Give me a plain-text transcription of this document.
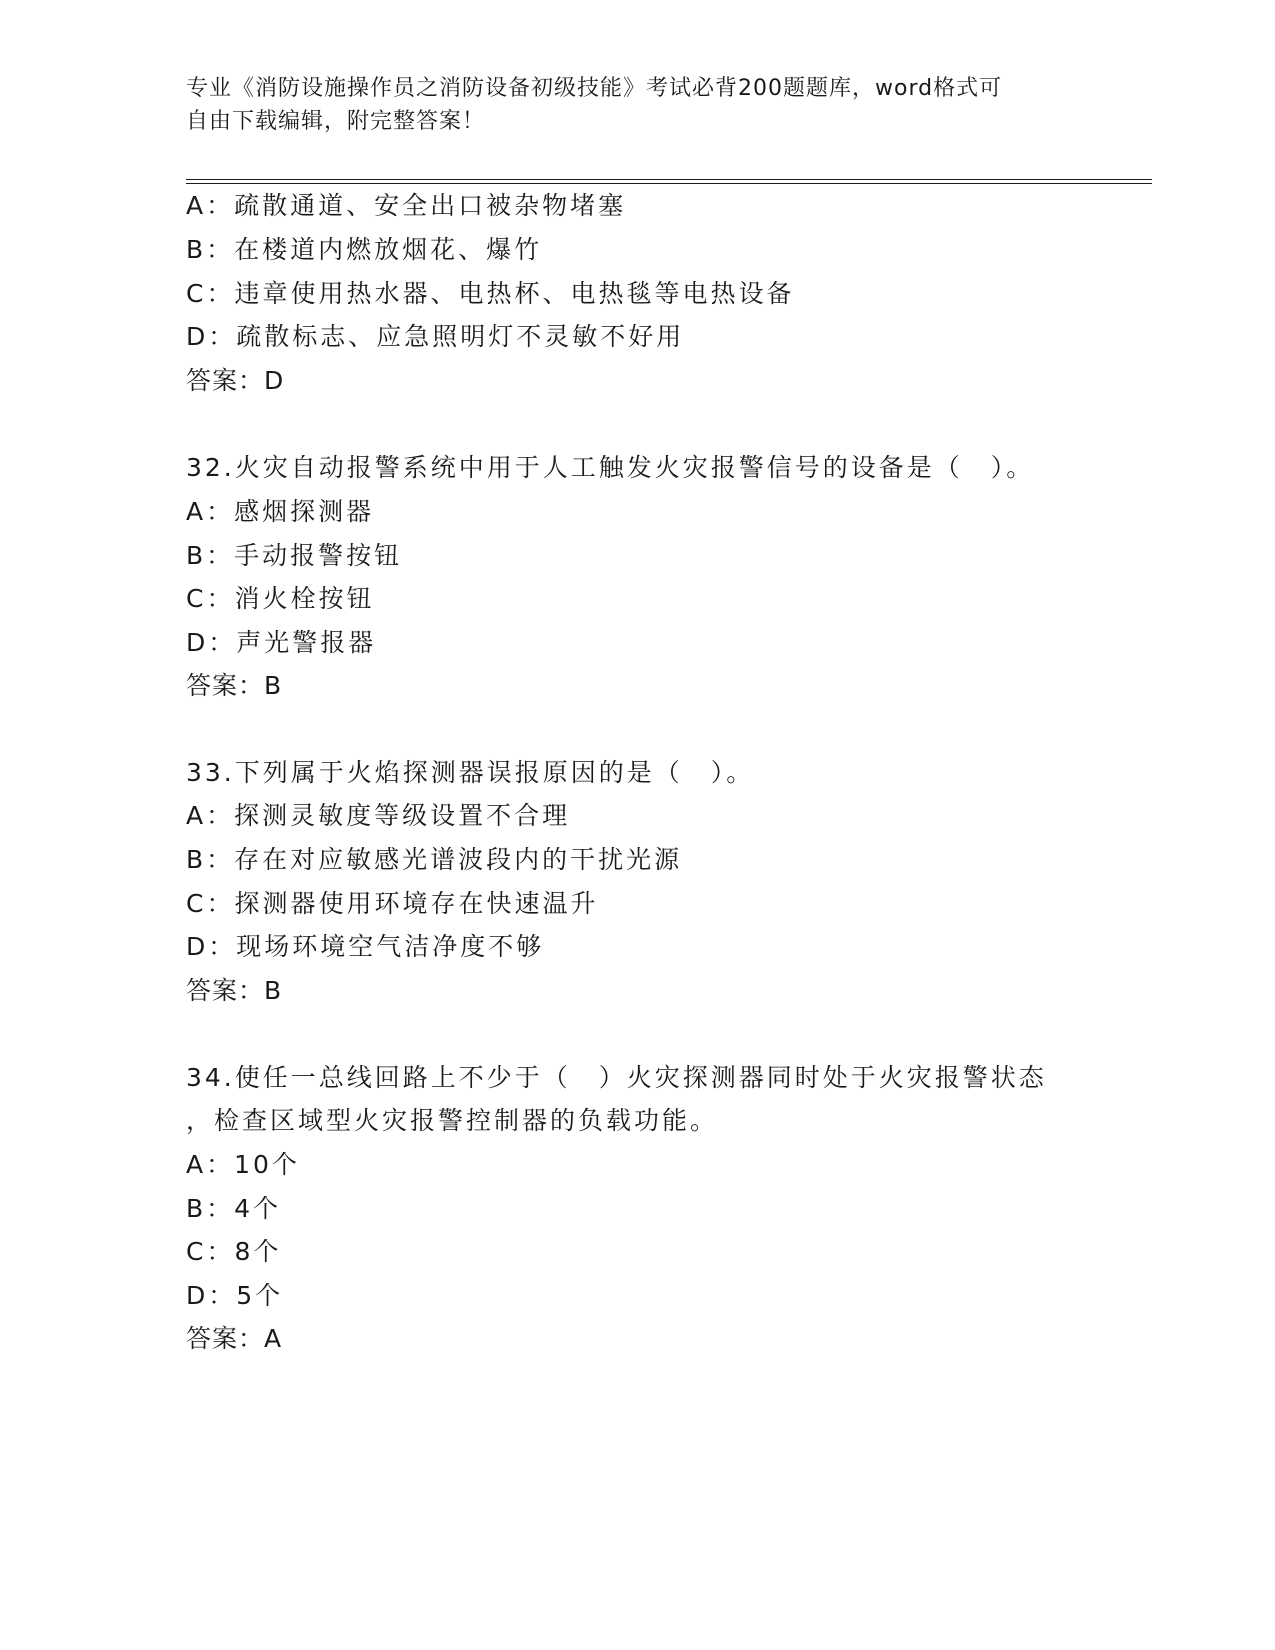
专业《消防设施操作员之消防设备初级技能》考试必背200题题库，word格式可
自由下载编辑，附完整答案！
A：疏散通道、安全出口被杂物堵塞
B：在楼道内燃放烟花、爆竹
C：违章使用热水器、电热杯、电热毯等电热设备
D：疏散标志、应急照明灯不灵敏不好用
答案：D
32.火灾自动报警系统中用于人工触发火灾报警信号的设备是（　）。
A：感烟探测器
B：手动报警按钮
C：消火栓按钮
D：声光警报器
答案：B
33.下列属于火焰探测器误报原因的是（　）。
A：探测灵敏度等级设置不合理
B：存在对应敏感光谱波段内的干扰光源
C：探测器使用环境存在快速温升
D：现场环境空气洁净度不够
答案：B
34.使任一总线回路上不少于（　）火灾探测器同时处于火灾报警状态
，检查区域型火灾报警控制器的负载功能。
A：10个
B：4个
C：8个
D：5个
答案：A
